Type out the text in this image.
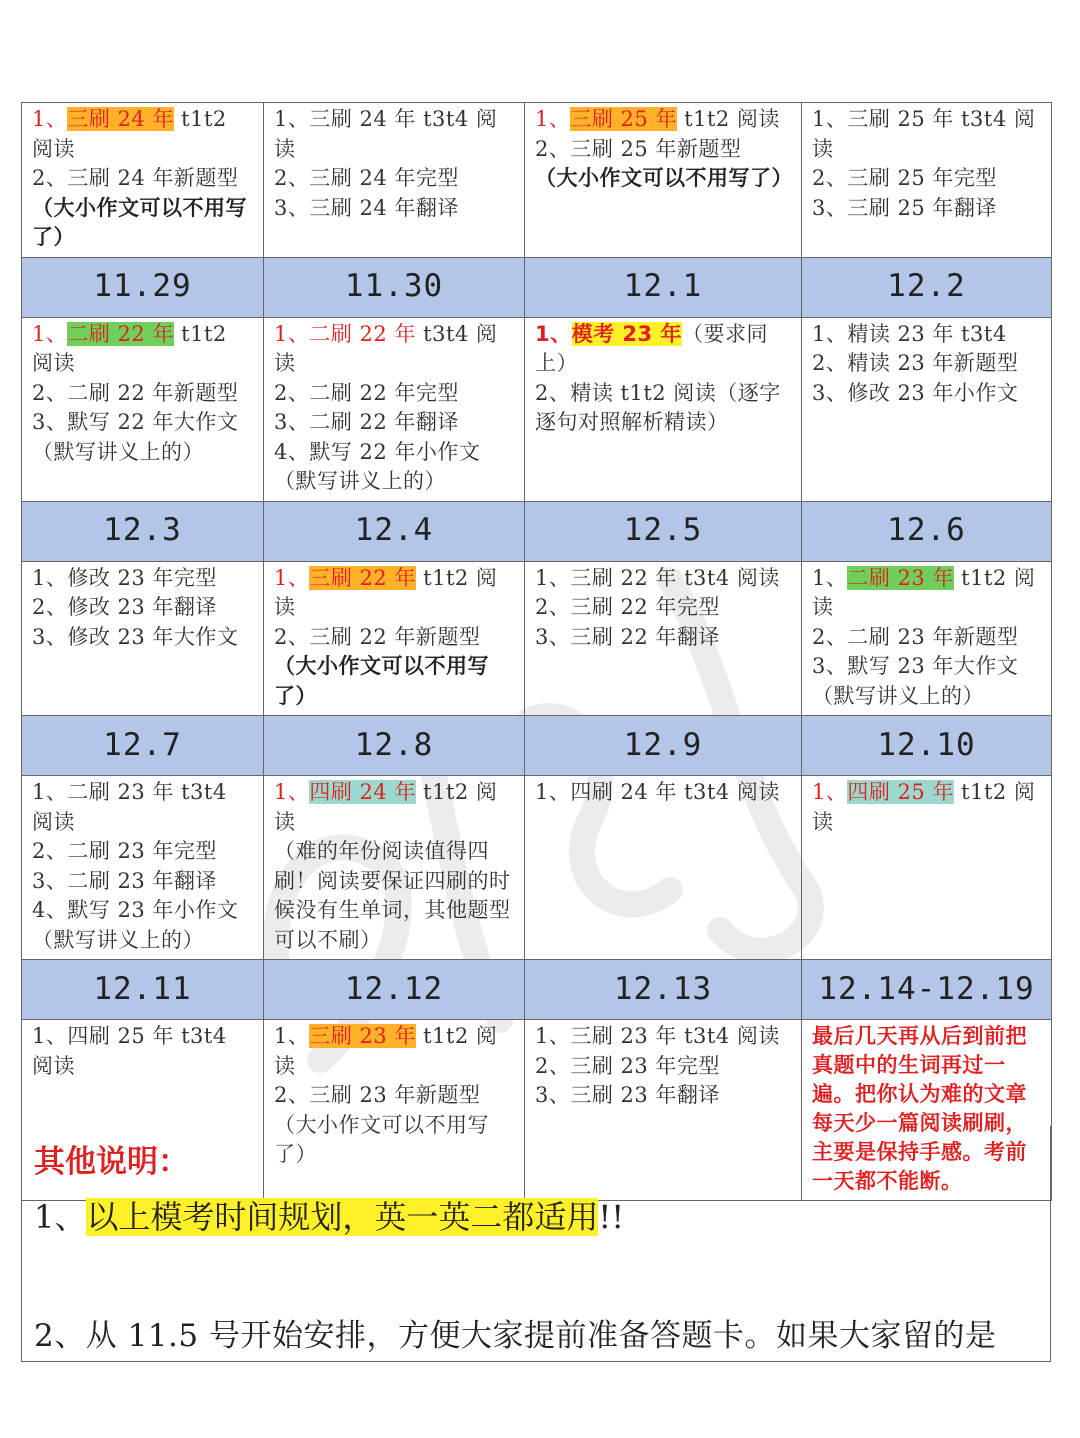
1、三刷 24 年 t1t2 阅读
2、三刷 24 年新题型
（大小作文可以不用写了）	1、三刷 24 年 t3t4 阅读
2、三刷 24 年完型
3、三刷 24 年翻译	1、三刷 25 年 t1t2 阅读
2、三刷 25 年新题型
（大小作文可以不用写了）	1、三刷 25 年 t3t4 阅读
2、三刷 25 年完型
3、三刷 25 年翻译

11.29	11.30	12.1	12.2

1、二刷 22 年 t1t2 阅读
2、二刷 22 年新题型
3、默写 22 年大作文（默写讲义上的）	1、二刷 22 年 t3t4 阅读
2、二刷 22 年完型
3、二刷 22 年翻译
4、默写 22 年小作文（默写讲义上的）	1、模考 23 年（要求同上）
2、精读 t1t2 阅读（逐字逐句对照解析精读）	1、精读 23 年 t3t4
2、精读 23 年新题型
3、修改 23 年小作文

12.3	12.4	12.5	12.6

1、修改 23 年完型
2、修改 23 年翻译
3、修改 23 年大作文	1、三刷 22 年 t1t2 阅读
2、三刷 22 年新题型
（大小作文可以不用写了）	1、三刷 22 年 t3t4 阅读
2、三刷 22 年完型
3、三刷 22 年翻译	1、二刷 23 年 t1t2 阅读
2、二刷 23 年新题型
3、默写 23 年大作文（默写讲义上的）

12.7	12.8	12.9	12.10

1、二刷 23 年 t3t4 阅读
2、二刷 23 年完型
3、二刷 23 年翻译
4、默写 23 年小作文（默写讲义上的）	1、四刷 24 年 t1t2 阅读
（难的年份阅读值得四刷！阅读要保证四刷的时候没有生单词，其他题型可以不刷）	1、四刷 24 年 t3t4 阅读	1、四刷 25 年 t1t2 阅读

12.11	12.12	12.13	12.14-12.19

1、四刷 25 年 t3t4 阅读	1、三刷 23 年 t1t2 阅读
2、三刷 23 年新题型
（大小作文可以不用写了）	1、三刷 23 年 t3t4 阅读
2、三刷 23 年完型
3、三刷 23 年翻译	最后几天再从后到前把真题中的生词再过一遍。把你认为难的文章每天少一篇阅读刷刷，主要是保持手感。考前一天都不能断。
其他说明：
1、以上模考时间规划，英一英二都适用!!
2、从 11.5 号开始安排，方便大家提前准备答题卡。如果大家留的是
